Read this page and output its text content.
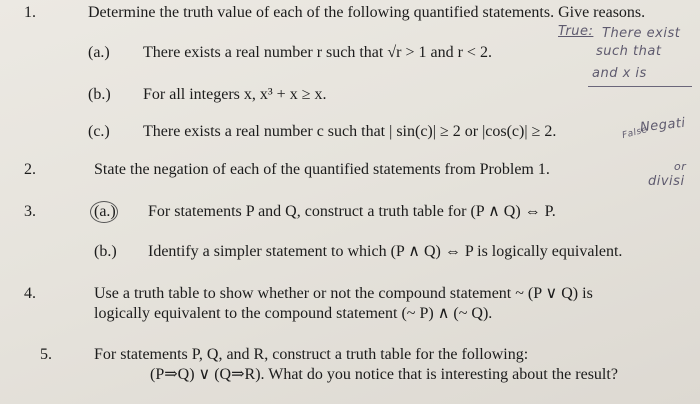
1.	Determine the truth value of each of the following quantified statements. Give reasons.
(a.) There exists a real number r such that √r > 1 and r < 2.
(b.) For all integers x, x³ + x ≥ x.
(c.) There exists a real number c such that | sin(c)| ≥ 2 or |cos(c)| ≥ 2.
2.	State the negation of each of the quantified statements from Problem 1.
3.	(a.) For statements P and Q, construct a truth table for (P ∧ Q) ⇔ P.
(b.) Identify a simpler statement to which (P ∧ Q) ⇔ P is logically equivalent.
4.	Use a truth table to show whether or not the compound statement ~ (P ∨ Q) is
logically equivalent to the compound statement (~ P) ∧ (~ Q).
5.	For statements P, Q, and R, construct a truth table for the following:
(P⇒Q) ∨ (Q⇒R). What do you notice that is interesting about the result?
True: There exist
such that
and x is
False
Negati
or
divisi
